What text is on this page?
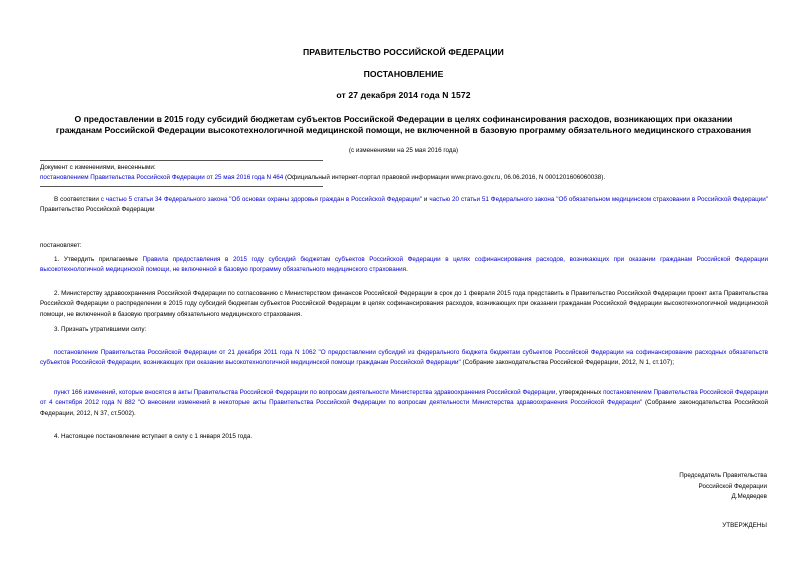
ПРАВИТЕЛЬСТВО РОССИЙСКОЙ ФЕДЕРАЦИИ
ПОСТАНОВЛЕНИЕ
от 27 декабря 2014 года N 1572
О предоставлении в 2015 году субсидий бюджетам субъектов Российской Федерации в целях софинансирования расходов, возникающих при оказании
гражданам Российской Федерации высокотехнологичной медицинской помощи, не включенной в базовую программу обязательного медицинского страхования
(с изменениями на 25 мая 2016 года)
Документ с изменениями, внесенными:
постановлением Правительства Российской Федерации от 25 мая 2016 года N 464 (Официальный интернет-портал правовой информации www.pravo.gov.ru, 06.06.2016, N 0001201606060038).
В соответствии с частью 5 статьи 34 Федерального закона "Об основах охраны здоровья граждан в Российской Федерации" и частью 20 статьи 51 Федерального закона "Об обязательном медицинском страховании в Российской Федерации" Правительство Российской Федерации
постановляет:
1. Утвердить прилагаемые Правила предоставления в 2015 году субсидий бюджетам субъектов Российской Федерации в целях софинансирования расходов, возникающих при оказании гражданам Российской Федерации высокотехнологичной медицинской помощи, не включенной в базовую программу обязательного медицинского страхования.
2. Министерству здравоохранения Российской Федерации по согласованию с Министерством финансов Российской Федерации в срок до 1 февраля 2015 года представить в Правительство Российской Федерации проект акта Правительства Российской Федерации о распределении в 2015 году субсидий бюджетам субъектов Российской Федерации в целях софинансирования расходов, возникающих при оказании гражданам Российской Федерации высокотехнологичной медицинской помощи, не включенной в базовую программу обязательного медицинского страхования.
3. Признать утратившими силу:
постановление Правительства Российской Федерации от 21 декабря 2011 года N 1062 "О предоставлении субсидий из федерального бюджета бюджетам субъектов Российской Федерации на софинансирование расходных обязательств субъектов Российской Федерации, возникающих при оказании высокотехнологичной медицинской помощи гражданам Российской Федерации" (Собрание законодательства Российской Федерации, 2012, N 1, ст.107);
пункт 166 изменений, которые вносятся в акты Правительства Российской Федерации по вопросам деятельности Министерства здравоохранения Российской Федерации, утвержденных постановлением Правительства Российской Федерации от 4 сентября 2012 года N 882 "О внесении изменений в некоторые акты Правительства Российской Федерации по вопросам деятельности Министерства здравоохранения Российской Федерации" (Собрание законодательства Российской Федерации, 2012, N 37, ст.5002).
4. Настоящее постановление вступает в силу с 1 января 2015 года.
Председатель Правительства
Российской Федерации
Д.Медведев
УТВЕРЖДЕНЫ
